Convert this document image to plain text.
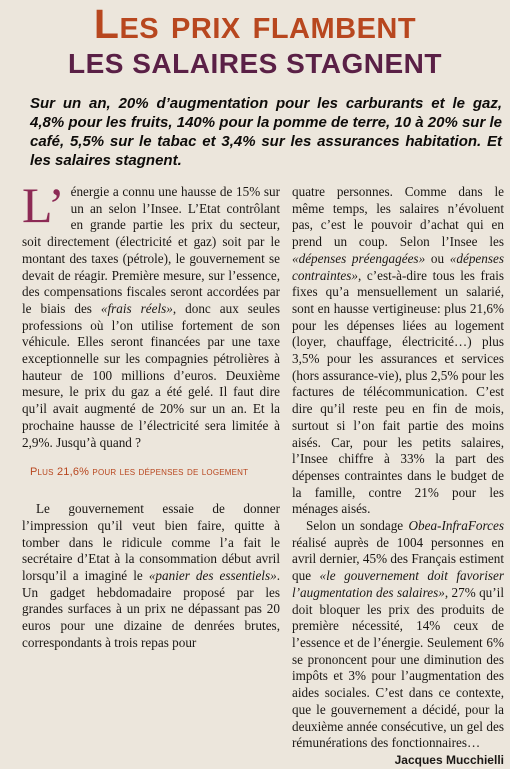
Les prix flambent
LES SALAIRES STAGNENT
Sur un an, 20% d’augmentation pour les carburants et le gaz, 4,8% pour les fruits, 140% pour la pomme de terre, 10 à 20% sur le café, 5,5% sur le tabac et 3,4% sur les assurances habitation. Et les salaires stagnent.

L’ énergie a connu une hausse de 15% sur un an selon l’Insee. L’Etat contrôlant en grande partie les prix du secteur, soit directement (électricité et gaz) soit par le montant des taxes (pétrole), le gouvernement se devait de réagir. Première mesure, sur l’essence, des compensations fiscales seront accordées par le biais des «frais réels», donc aux seules professions où l’on utilise fortement de son véhicule. Elles seront financées par une taxe exceptionnelle sur les compagnies pétrolières à hauteur de 100 millions d’euros. Deuxième mesure, le prix du gaz a été gelé. Il faut dire qu’il avait augmenté de 20% sur un an. Et la prochaine hausse de l’électricité sera limitée à 2,9%. Jusqu’à quand ?

Plus 21,6% pour les dépenses de logement

Le gouvernement essaie de donner l’impression qu’il veut bien faire, quitte à tomber dans le ridicule comme l’a fait le secrétaire d’Etat à la consommation début avril lorsqu’il a imaginé le «panier des essentiels». Un gadget hebdomadaire proposé par les grandes surfaces à un prix ne dépassant pas 20 euros pour une dizaine de denrées brutes, correspondants à trois repas pour

quatre personnes. Comme dans le même temps, les salaires n’évoluent pas, c’est le pouvoir d’achat qui en prend un coup. Selon l’Insee les «dépenses préengagées» ou «dépenses contraintes», c’est-à-dire tous les frais fixes qu’a mensuellement un salarié, sont en hausse vertigineuse: plus 21,6% pour les dépenses liées au logement (loyer, chauffage, électricité…) plus 3,5% pour les assurances et services (hors assurance-vie), plus 2,5% pour les factures de télécommunication. C’est dire qu’il reste peu en fin de mois, surtout si l’on fait partie des moins aisés. Car, pour les petits salaires, l’Insee chiffre à 33% la part des dépenses contraintes dans le budget de la famille, contre 21% pour les ménages aisés.

Selon un sondage Obea-InfraForces réalisé auprès de 1004 personnes en avril dernier, 45% des Français estiment que «le gouvernement doit favoriser l’augmentation des salaires», 27% qu’il doit bloquer les prix des produits de première nécessité, 14% ceux de l’essence et de l’énergie. Seulement 6% se prononcent pour une diminution des impôts et 3% pour l’augmentation des aides sociales. C’est dans ce contexte, que le gouvernement a décidé, pour la deuxième année consécutive, un gel des rémunérations des fonctionnaires…

Jacques Mucchielli
